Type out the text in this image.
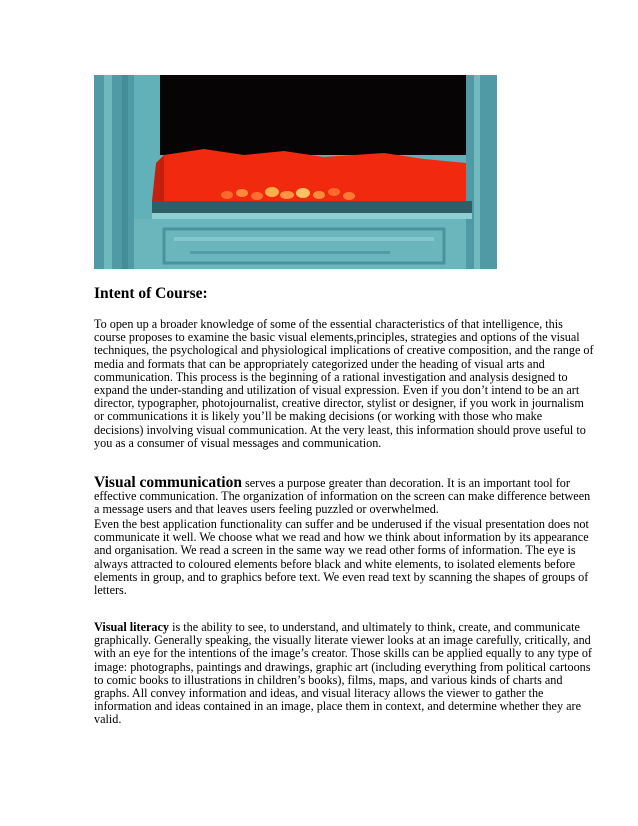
Intent of Course:

To open up a broader knowledge of some of the essential characteristics of that intelligence, this course proposes to examine the basic visual elements,principles, strategies and options of the visual techniques, the psychological and physiological implications of creative composition, and the range of media and formats that can be appropriately categorized under the heading of visual arts and communication. This process is the beginning of a rational investigation and analysis designed to expand the under-standing and utilization of visual expression. Even if you don’t intend to be an art director, typographer, photojournalist, creative director, stylist or designer, if you work in journalism or communications it is likely you’ll be making decisions (or working with those who make decisions) involving visual communication. At the very least, this information should prove useful to you as a consumer of visual messages and communication.

Visual communication serves a purpose greater than decoration. It is an important tool for effective communication. The organization of information on the screen can make difference between a message users and that leaves users feeling puzzled or overwhelmed.

Even the best application functionality can suffer and be underused if the visual presentation does not communicate it well. We choose what we read and how we think about information by its appearance and organisation. We read a screen in the same way we read other forms of information. The eye is always attracted to coloured elements before black and white elements, to isolated elements before elements in group, and to graphics before text. We even read text by scanning the shapes of groups of letters.

Visual literacy is the ability to see, to understand, and ultimately to think, create, and communicate graphically. Generally speaking, the visually literate viewer looks at an image carefully, critically, and with an eye for the intentions of the image’s creator. Those skills can be applied equally to any type of image: photographs, paintings and drawings, graphic art (including everything from political cartoons to comic books to illustrations in children’s books), films, maps, and various kinds of charts and graphs. All convey information and ideas, and visual literacy allows the viewer to gather the information and ideas contained in an image, place them in context, and determine whether they are valid.
